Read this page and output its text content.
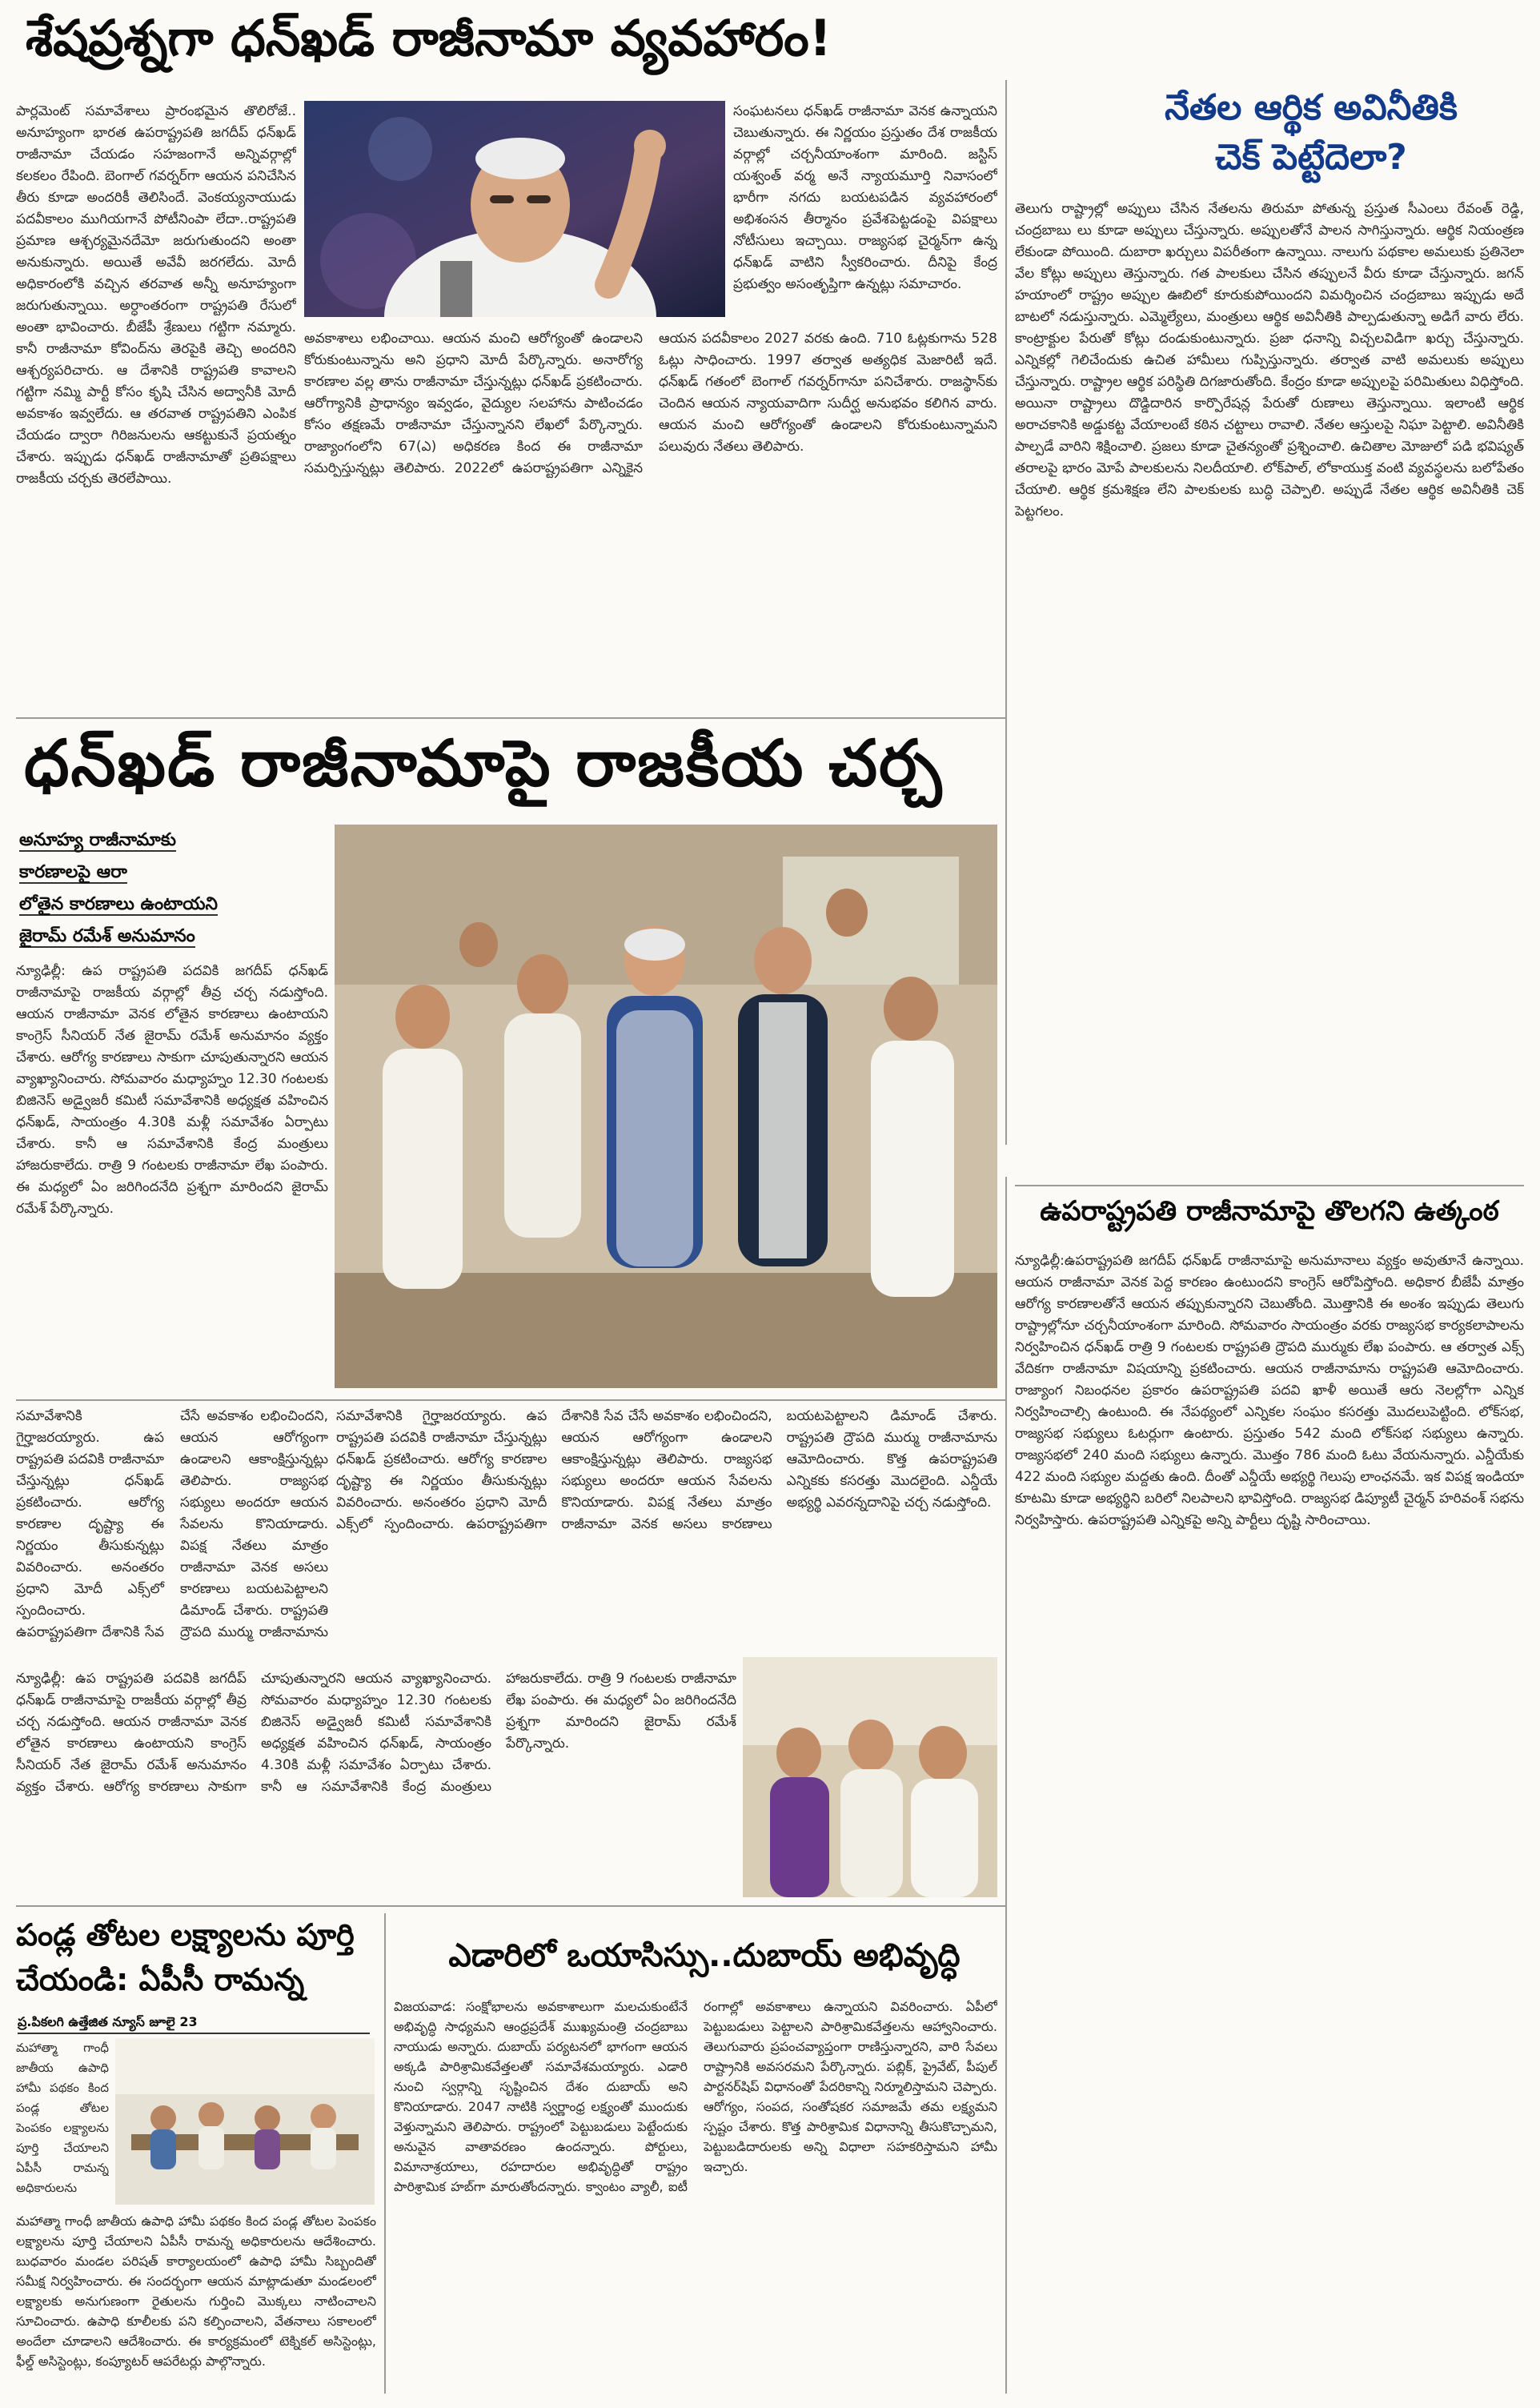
శేషప్రశ్నగా ధన్‌ఖడ్ రాజీనామా వ్యవహారం!
నేతల ఆర్థిక అవినీతికి
చెక్ పెట్టేదెలా?
పార్లమెంట్ సమావేశాలు ప్రారంభమైన తొలిరోజే.. అనూహ్యంగా భారత ఉపరాష్ట్రపతి జగదీప్ ధన్‌ఖడ్ రాజీనామా చేయడం సహజంగానే అన్నివర్గాల్లో కలకలం రేపింది. బెంగాల్ గవర్నర్‌గా ఆయన పనిచేసిన తీరు కూడా అందరికీ తెలిసిందే. వెంకయ్యనాయుడు పదవీకాలం ముగియగానే పోటీనింపా లేదా..రాష్ట్రపతి ప్రమాణ ఆశ్చర్యమైనదేమో జరుగుతుందని అంతా అనుకున్నారు. అయితే అవేవీ జరగలేదు. మోదీ అధికారంలోకి వచ్చిన తరవాత అన్నీ అనూహ్యంగా జరుగుతున్నాయి. అర్ధాంతరంగా రాష్ట్రపతి రేసులో అంతా భావించారు. బీజేపీ శ్రేణులు గట్టిగా నమ్మారు. కానీ రాజీనామా కోవింద్‌ను తెరపైకి తెచ్చి అందరిని ఆశ్చర్యపరిచారు. ఆ దేశానికి రాష్ట్రపతి కావాలని గట్టిగా నమ్మి పార్టీ కోసం కృషి చేసిన అద్వానీకి మోదీ అవకాశం ఇవ్వలేదు. ఆ తరవాత రాష్ట్రపతిని ఎంపిక చేయడం ద్వారా గిరిజనులను ఆకట్టుకునే ప్రయత్నం చేశారు. ఇప్పుడు ధన్‌ఖడ్ రాజీనామాతో ప్రతిపక్షాలు రాజకీయ చర్చకు తెరలేపాయి.
సంఘటనలు ధన్‌ఖడ్ రాజీనామా వెనక ఉన్నాయని చెబుతున్నారు. ఈ నిర్ణయం ప్రస్తుతం దేశ రాజకీయ వర్గాల్లో చర్చనీయాంశంగా మారింది. జస్టిస్ యశ్వంత్ వర్మ అనే న్యాయమూర్తి నివాసంలో భారీగా నగదు బయటపడిన వ్యవహారంలో అభిశంసన తీర్మానం ప్రవేశపెట్టడంపై విపక్షాలు నోటీసులు ఇచ్చాయి. రాజ్యసభ చైర్మన్‌గా ఉన్న ధన్‌ఖడ్ వాటిని స్వీకరించారు. దీనిపై కేంద్ర ప్రభుత్వం అసంతృప్తిగా ఉన్నట్లు సమాచారం.
అవకాశాలు లభించాయి. ఆయన మంచి ఆరోగ్యంతో ఉండాలని కోరుకుంటున్నాను అని ప్రధాని మోదీ పేర్కొన్నారు. అనారోగ్య కారణాల వల్ల తాను రాజీనామా చేస్తున్నట్లు ధన్‌ఖడ్ ప్రకటించారు. ఆరోగ్యానికి ప్రాధాన్యం ఇవ్వడం, వైద్యుల సలహాను పాటించడం కోసం తక్షణమే రాజీనామా చేస్తున్నానని లేఖలో పేర్కొన్నారు. రాజ్యాంగంలోని 67(ఎ) అధికరణ కింద ఈ రాజీనామా సమర్పిస్తున్నట్లు తెలిపారు. 2022లో ఉపరాష్ట్రపతిగా ఎన్నికైన ఆయన పదవీకాలం 2027 వరకు ఉంది. 710 ఓట్లకుగాను 528 ఓట్లు సాధించారు. 1997 తర్వాత అత్యధిక మెజారిటీ ఇదే. ధన్‌ఖడ్ గతంలో బెంగాల్ గవర్నర్‌గానూ పనిచేశారు. రాజస్థాన్‌కు చెందిన ఆయన న్యాయవాదిగా సుదీర్ఘ అనుభవం కలిగిన వారు. ఆయన మంచి ఆరోగ్యంతో ఉండాలని కోరుకుంటున్నామని పలువురు నేతలు తెలిపారు.
తెలుగు రాష్ట్రాల్లో అప్పులు చేసిన నేతలను తిరుమా పోతున్న ప్రస్తుత సీఎంలు రేవంత్ రెడ్డి, చంద్రబాబు లు కూడా అప్పులు చేస్తున్నారు. అప్పులతోనే పాలన సాగిస్తున్నారు. ఆర్థిక నియంత్రణ లేకుండా పోయింది. దుబారా ఖర్చులు విపరీతంగా ఉన్నాయి. నాలుగు పథకాల అమలుకు ప్రతినెలా వేల కోట్లు అప్పులు తెస్తున్నారు. గత పాలకులు చేసిన తప్పులనే వీరు కూడా చేస్తున్నారు. జగన్ హయాంలో రాష్ట్రం అప్పుల ఊబిలో కూరుకుపోయిందని విమర్శించిన చంద్రబాబు ఇప్పుడు అదే బాటలో నడుస్తున్నారు. ఎమ్మెల్యేలు, మంత్రులు ఆర్థిక అవినీతికి పాల్పడుతున్నా అడిగే వారు లేరు. కాంట్రాక్టుల పేరుతో కోట్లు దండుకుంటున్నారు. ప్రజా ధనాన్ని విచ్చలవిడిగా ఖర్చు చేస్తున్నారు. ఎన్నికల్లో గెలిచేందుకు ఉచిత హామీలు గుప్పిస్తున్నారు. తర్వాత వాటి అమలుకు అప్పులు చేస్తున్నారు. రాష్ట్రాల ఆర్థిక పరిస్థితి దిగజారుతోంది. కేంద్రం కూడా అప్పులపై పరిమితులు విధిస్తోంది. అయినా రాష్ట్రాలు దొడ్డిదారిన కార్పొరేషన్ల పేరుతో రుణాలు తెస్తున్నాయి. ఇలాంటి ఆర్థిక అరాచకానికి అడ్డుకట్ట వేయాలంటే కఠిన చట్టాలు రావాలి. నేతల ఆస్తులపై నిఘా పెట్టాలి. అవినీతికి పాల్పడే వారిని శిక్షించాలి. ప్రజలు కూడా చైతన్యంతో ప్రశ్నించాలి. ఉచితాల మోజులో పడి భవిష్యత్ తరాలపై భారం మోపే పాలకులను నిలదీయాలి. లోక్‌పాల్, లోకాయుక్త వంటి వ్యవస్థలను బలోపేతం చేయాలి. ఆర్థిక క్రమశిక్షణ లేని పాలకులకు బుద్ధి చెప్పాలి. అప్పుడే నేతల ఆర్థిక అవినీతికి చెక్ పెట్టగలం.
ధన్‌ఖడ్ రాజీనామాపై రాజకీయ చర్చ
అనూహ్య రాజీనామాకు
కారణాలపై ఆరా
లోతైన కారణాలు ఉంటాయని
జైరామ్ రమేశ్ అనుమానం
న్యూఢిల్లీ: ఉప రాష్ట్రపతి పదవికి జగదీప్ ధన్‌ఖడ్ రాజీనామాపై రాజకీయ వర్గాల్లో తీవ్ర చర్చ నడుస్తోంది. ఆయన రాజీనామా వెనక లోతైన కారణాలు ఉంటాయని కాంగ్రెస్ సీనియర్ నేత జైరామ్ రమేశ్ అనుమానం వ్యక్తం చేశారు. ఆరోగ్య కారణాలు సాకుగా చూపుతున్నారని ఆయన వ్యాఖ్యానించారు. సోమవారం మధ్యాహ్నం 12.30 గంటలకు బిజినెస్ అడ్వైజరీ కమిటీ సమావేశానికి అధ్యక్షత వహించిన ధన్‌ఖడ్, సాయంత్రం 4.30కి మళ్లీ సమావేశం ఏర్పాటు చేశారు. కానీ ఆ సమావేశానికి కేంద్ర మంత్రులు హాజరుకాలేదు. రాత్రి 9 గంటలకు రాజీనామా లేఖ పంపారు. ఈ మధ్యలో ఏం జరిగిందనేది ప్రశ్నగా మారిందని జైరామ్ రమేశ్ పేర్కొన్నారు.
సమావేశానికి గైర్హాజరయ్యారు. ఉప రాష్ట్రపతి పదవికి రాజీనామా చేస్తున్నట్లు ధన్‌ఖడ్ ప్రకటించారు. ఆరోగ్య కారణాల దృష్ట్యా ఈ నిర్ణయం తీసుకున్నట్లు వివరించారు. అనంతరం ప్రధాని మోదీ ఎక్స్‌లో స్పందించారు. ఉపరాష్ట్రపతిగా దేశానికి సేవ చేసే అవకాశం లభించిందని, ఆయన ఆరోగ్యంగా ఉండాలని ఆకాంక్షిస్తున్నట్లు తెలిపారు. రాజ్యసభ సభ్యులు అందరూ ఆయన సేవలను కొనియాడారు. విపక్ష నేతలు మాత్రం రాజీనామా వెనక అసలు కారణాలు బయటపెట్టాలని డిమాండ్ చేశారు. రాష్ట్రపతి ద్రౌపది ముర్ము రాజీనామాను ఆమోదించారు. కొత్త ఉపరాష్ట్రపతి ఎన్నికకు కసరత్తు మొదలైంది. ఎన్డీయే అభ్యర్థి ఎవరన్నదానిపై చర్చ నడుస్తోంది.
సమావేశానికి గైర్హాజరయ్యారు. ఉప రాష్ట్రపతి పదవికి రాజీనామా చేస్తున్నట్లు ధన్‌ఖడ్ ప్రకటించారు. ఆరోగ్య కారణాల దృష్ట్యా ఈ నిర్ణయం తీసుకున్నట్లు వివరించారు. అనంతరం ప్రధాని మోదీ ఎక్స్‌లో స్పందించారు. ఉపరాష్ట్రపతిగా దేశానికి సేవ చేసే అవకాశం లభించిందని, ఆయన ఆరోగ్యంగా ఉండాలని ఆకాంక్షిస్తున్నట్లు తెలిపారు. రాజ్యసభ సభ్యులు అందరూ ఆయన సేవలను కొనియాడారు. విపక్ష నేతలు మాత్రం రాజీనామా వెనక అసలు కారణాలు బయటపెట్టాలని డిమాండ్ చేశారు. రాష్ట్రపతి ద్రౌపది ముర్ము రాజీనామాను
న్యూఢిల్లీ: ఉప రాష్ట్రపతి పదవికి జగదీప్ ధన్‌ఖడ్ రాజీనామాపై రాజకీయ వర్గాల్లో తీవ్ర చర్చ నడుస్తోంది. ఆయన రాజీనామా వెనక లోతైన కారణాలు ఉంటాయని కాంగ్రెస్ సీనియర్ నేత జైరామ్ రమేశ్ అనుమానం వ్యక్తం చేశారు. ఆరోగ్య కారణాలు సాకుగా చూపుతున్నారని ఆయన వ్యాఖ్యానించారు. సోమవారం మధ్యాహ్నం 12.30 గంటలకు బిజినెస్ అడ్వైజరీ కమిటీ సమావేశానికి అధ్యక్షత వహించిన ధన్‌ఖడ్, సాయంత్రం 4.30కి మళ్లీ సమావేశం ఏర్పాటు చేశారు. కానీ ఆ సమావేశానికి కేంద్ర మంత్రులు హాజరుకాలేదు. రాత్రి 9 గంటలకు రాజీనామా లేఖ పంపారు. ఈ మధ్యలో ఏం జరిగిందనేది ప్రశ్నగా మారిందని జైరామ్ రమేశ్ పేర్కొన్నారు.
ఉపరాష్ట్రపతి రాజీనామాపై తొలగని ఉత్కంఠ
న్యూఢిల్లీ:ఉపరాష్ట్రపతి జగదీప్ ధన్‌ఖడ్ రాజీనామాపై అనుమానాలు వ్యక్తం అవుతూనే ఉన్నాయి. ఆయన రాజీనామా వెనక పెద్ద కారణం ఉంటుందని కాంగ్రెస్ ఆరోపిస్తోంది. అధికార బీజేపీ మాత్రం ఆరోగ్య కారణాలతోనే ఆయన తప్పుకున్నారని చెబుతోంది. మొత్తానికి ఈ అంశం ఇప్పుడు తెలుగు రాష్ట్రాల్లోనూ చర్చనీయాంశంగా మారింది. సోమవారం సాయంత్రం వరకు రాజ్యసభ కార్యకలాపాలను నిర్వహించిన ధన్‌ఖడ్ రాత్రి 9 గంటలకు రాష్ట్రపతి ద్రౌపది ముర్ముకు లేఖ పంపారు. ఆ తర్వాత ఎక్స్ వేదికగా రాజీనామా విషయాన్ని ప్రకటించారు. ఆయన రాజీనామాను రాష్ట్రపతి ఆమోదించారు. రాజ్యాంగ నిబంధనల ప్రకారం ఉపరాష్ట్రపతి పదవి ఖాళీ అయితే ఆరు నెలల్లోగా ఎన్నిక నిర్వహించాల్సి ఉంటుంది. ఈ నేపథ్యంలో ఎన్నికల సంఘం కసరత్తు మొదలుపెట్టింది. లోక్‌సభ, రాజ్యసభ సభ్యులు ఓటర్లుగా ఉంటారు. ప్రస్తుతం 542 మంది లోక్‌సభ సభ్యులు ఉన్నారు. రాజ్యసభలో 240 మంది సభ్యులు ఉన్నారు. మొత్తం 786 మంది ఓటు వేయనున్నారు. ఎన్డీయేకు 422 మంది సభ్యుల మద్దతు ఉంది. దీంతో ఎన్డీయే అభ్యర్థి గెలుపు లాంఛనమే. ఇక విపక్ష ఇండియా కూటమి కూడా అభ్యర్థిని బరిలో నిలపాలని భావిస్తోంది. రాజ్యసభ డిప్యూటీ చైర్మన్ హరివంశ్ సభను నిర్వహిస్తారు. ఉపరాష్ట్రపతి ఎన్నికపై అన్ని పార్టీలు దృష్టి సారించాయి.
పండ్ల తోటల లక్ష్యాలను పూర్తి
చేయండి: ఏపీసీ రామన్న
ప్ర.పికలగి ఉత్తేజిత న్యూస్ జూలై 23
మహాత్మా గాంధీ జాతీయ ఉపాధి హామీ పథకం కింద పండ్ల తోటల పెంపకం లక్ష్యాలను పూర్తి చేయాలని ఏపీసీ రామన్న అధికారులను
మహాత్మా గాంధీ జాతీయ ఉపాధి హామీ పథకం కింద పండ్ల తోటల పెంపకం లక్ష్యాలను పూర్తి చేయాలని ఏపీసీ రామన్న అధికారులను ఆదేశించారు. బుధవారం మండల పరిషత్ కార్యాలయంలో ఉపాధి హామీ సిబ్బందితో సమీక్ష నిర్వహించారు. ఈ సందర్భంగా ఆయన మాట్లాడుతూ మండలంలో లక్ష్యాలకు అనుగుణంగా రైతులను గుర్తించి మొక్కలు నాటించాలని సూచించారు. ఉపాధి కూలీలకు పని కల్పించాలని, వేతనాలు సకాలంలో అందేలా చూడాలని ఆదేశించారు. ఈ కార్యక్రమంలో టెక్నికల్ అసిస్టెంట్లు, ఫీల్డ్ అసిస్టెంట్లు, కంప్యూటర్ ఆపరేటర్లు పాల్గొన్నారు.
ఎడారిలో ఒయాసిస్సు..దుబాయ్ అభివృద్ధి
విజయవాడ: సంక్షోభాలను అవకాశాలుగా మలచుకుంటేనే అభివృద్ధి సాధ్యమని ఆంధ్రప్రదేశ్ ముఖ్యమంత్రి చంద్రబాబు నాయుడు అన్నారు. దుబాయ్ పర్యటనలో భాగంగా ఆయన అక్కడి పారిశ్రామికవేత్తలతో సమావేశమయ్యారు. ఎడారి నుంచి స్వర్గాన్ని సృష్టించిన దేశం దుబాయ్ అని కొనియాడారు. 2047 నాటికి స్వర్ణాంధ్ర లక్ష్యంతో ముందుకు వెళ్తున్నామని తెలిపారు. రాష్ట్రంలో పెట్టుబడులు పెట్టేందుకు అనువైన వాతావరణం ఉందన్నారు. పోర్టులు, విమానాశ్రయాలు, రహదారుల అభివృద్ధితో రాష్ట్రం పారిశ్రామిక హబ్‌గా మారుతోందన్నారు. క్వాంటం వ్యాలీ, ఐటీ రంగాల్లో అవకాశాలు ఉన్నాయని వివరించారు. ఏపీలో పెట్టుబడులు పెట్టాలని పారిశ్రామికవేత్తలను ఆహ్వానించారు. తెలుగువారు ప్రపంచవ్యాప్తంగా రాణిస్తున్నారని, వారి సేవలు రాష్ట్రానికి అవసరమని పేర్కొన్నారు. పబ్లిక్, ప్రైవేట్, పీపుల్ పార్టనర్‌షిప్ విధానంతో పేదరికాన్ని నిర్మూలిస్తామని చెప్పారు. ఆరోగ్యం, సంపద, సంతోషకర సమాజమే తమ లక్ష్యమని స్పష్టం చేశారు. కొత్త పారిశ్రామిక విధానాన్ని తీసుకొచ్చామని, పెట్టుబడిదారులకు అన్ని విధాలా సహకరిస్తామని హామీ ఇచ్చారు.
